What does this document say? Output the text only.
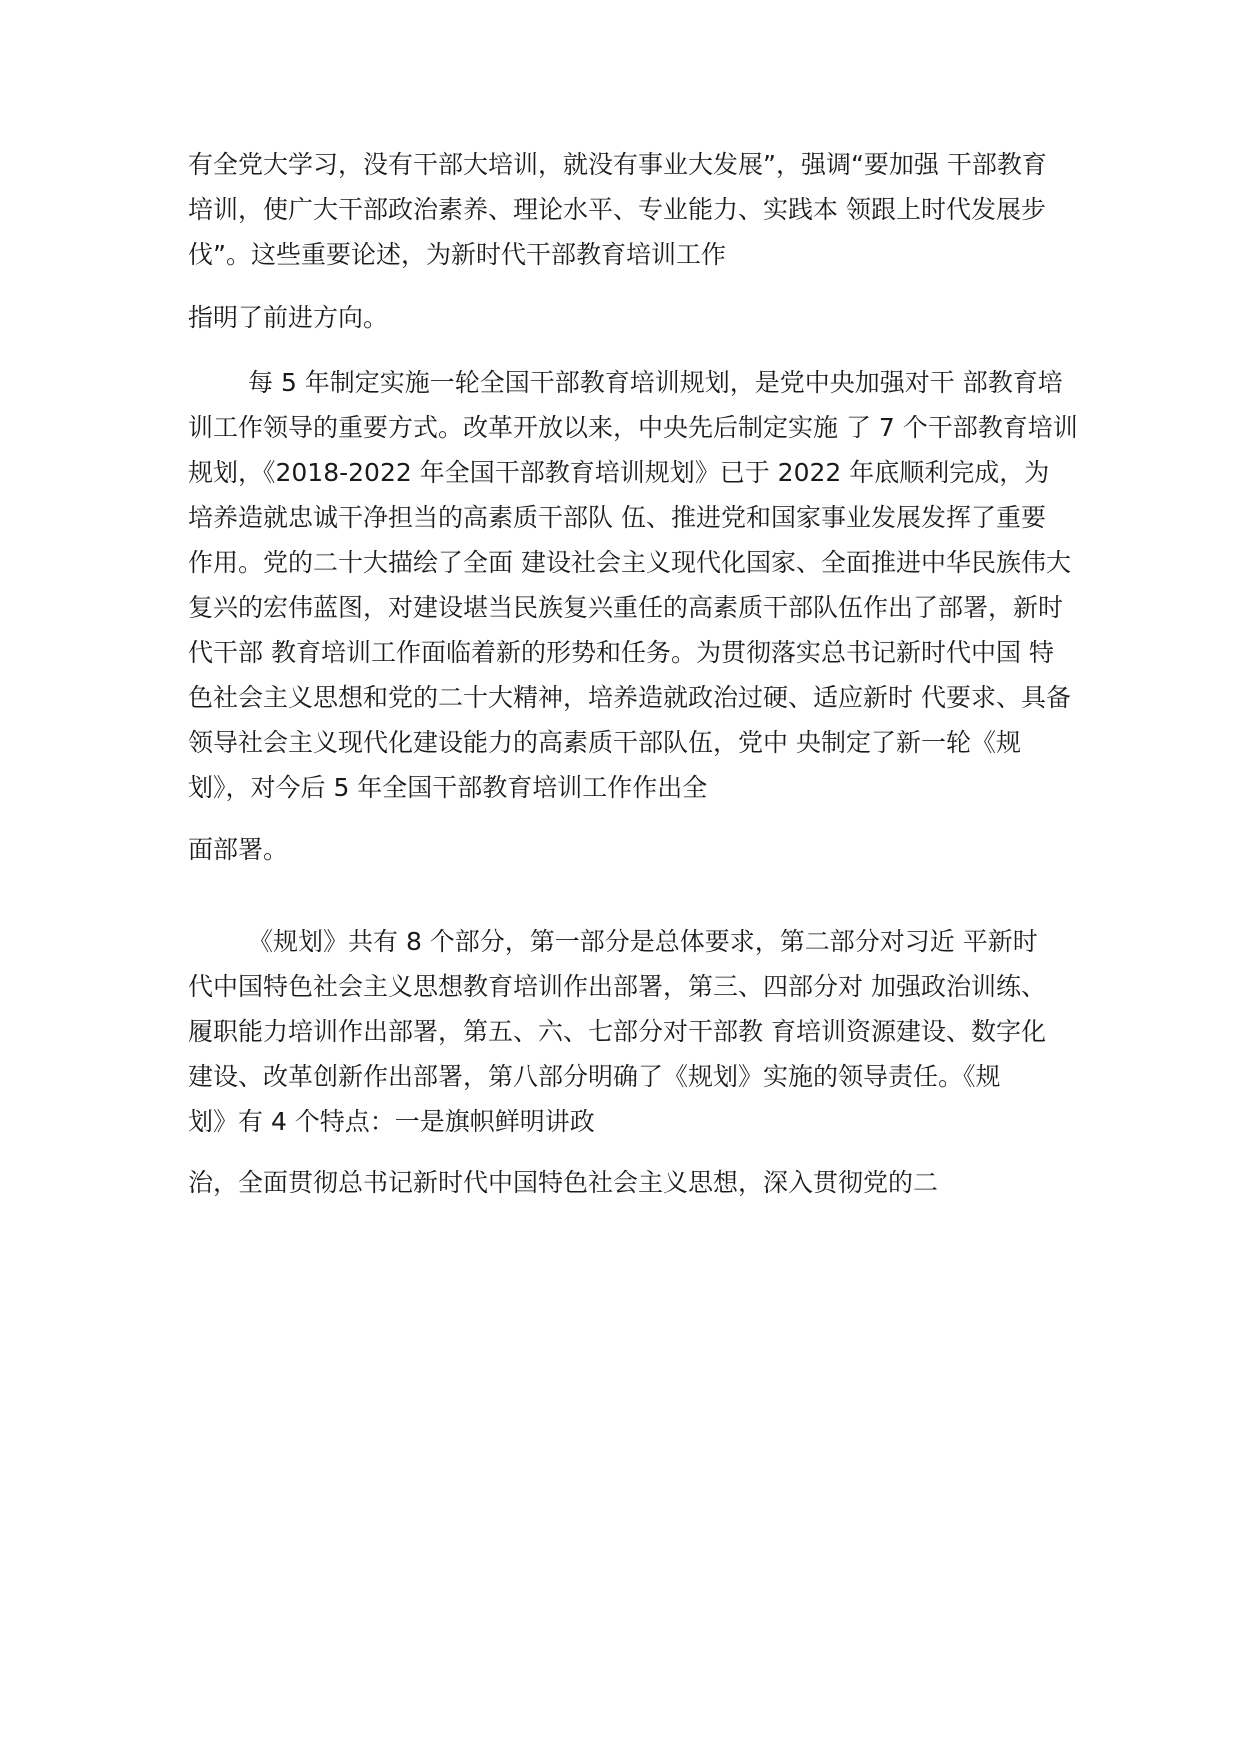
有全党大学习，没有干部大培训，就没有事业大发展”，强调“要加强 干部教育

培训，使广大干部政治素养、理论水平、专业能力、实践本 领跟上时代发展步

伐”。这些重要论述，为新时代干部教育培训工作

指明了前进方向。

每 5 年制定实施一轮全国干部教育培训规划，是党中央加强对干 部教育培

训工作领导的重要方式。改革开放以来，中央先后制定实施 了 7 个干部教育培训

规划，《2018-2022 年全国干部教育培训规划》已于 2022 年底顺利完成，为

培养造就忠诚干净担当的高素质干部队 伍、推进党和国家事业发展发挥了重要

作用。党的二十大描绘了全面 建设社会主义现代化国家、全面推进中华民族伟大

复兴的宏伟蓝图，对建设堪当民族复兴重任的高素质干部队伍作出了部署，新时

代干部 教育培训工作面临着新的形势和任务。为贯彻落实总书记新时代中国 特

色社会主义思想和党的二十大精神，培养造就政治过硬、适应新时 代要求、具备

领导社会主义现代化建设能力的高素质干部队伍，党中 央制定了新一轮《规

划》，对今后 5 年全国干部教育培训工作作出全

面部署。

《规划》共有 8 个部分，第一部分是总体要求，第二部分对习近 平新时

代中国特色社会主义思想教育培训作出部署，第三、四部分对 加强政治训练、

履职能力培训作出部署，第五、六、七部分对干部教 育培训资源建设、数字化

建设、改革创新作出部署，第八部分明确了《规划》实施的领导责任。《规

划》有 4 个特点：一是旗帜鲜明讲政

治，全面贯彻总书记新时代中国特色社会主义思想，深入贯彻党的二
